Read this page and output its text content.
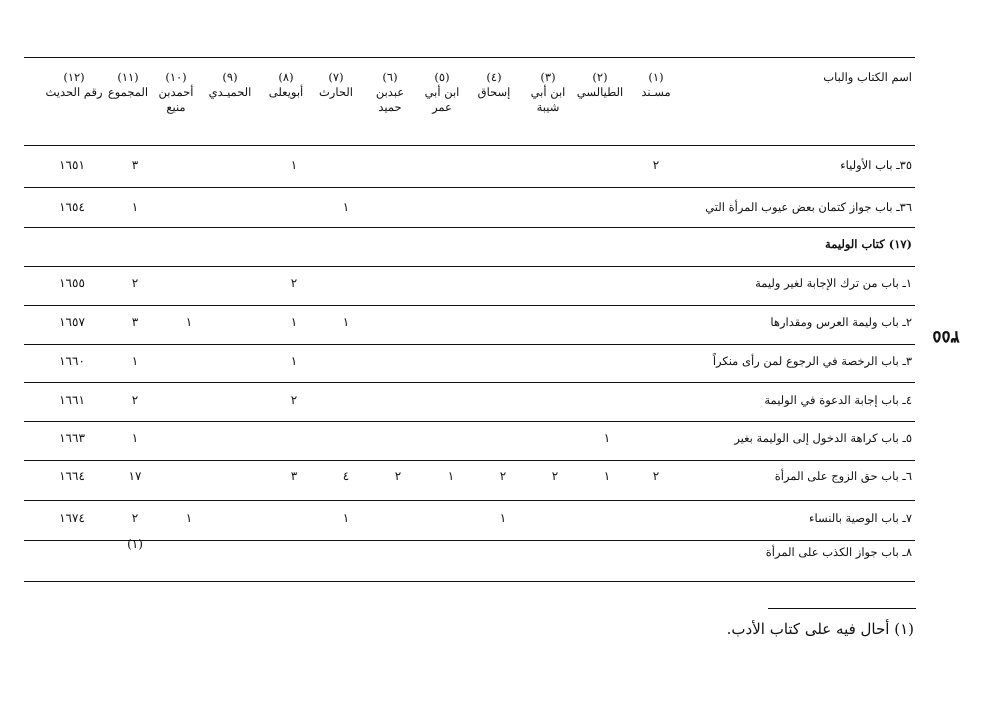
٣٥٥
اسم الكتاب والباب
(١)
مسـند
(٢)
الطيالسي
(٣)
ابن أبي
شيبة
(٤)
إسحاق
(٥)
ابن أبي
عمر
(٦)
عبدبن
حميد
(٧)
الحارث
(٨)
أبويعلى
(٩)
الحميـدي
(١٠)
أحمدبن
منيع
(١١)
المجموع
(١٢)
رقم الحديث
٣٥ـ باب الأولياء
٢
١
٣
١٦٥١
٣٦ـ باب جواز كتمان بعض عيوب المرأة التي
١
١
١٦٥٤
(١٧) كتاب الوليمة
١ـ باب من ترك الإجابة لغير وليمة
٢
٢
١٦٥٥
٢ـ باب وليمة العرس ومقدارها
١
١
١
٣
١٦٥٧
٣ـ باب الرخصة في الرجوع لمن رأى منكراً
١
١
١٦٦٠
٤ـ باب إجابة الدعوة في الوليمة
٢
٢
١٦٦١
٥ـ باب كراهة الدخول إلى الوليمة بغير
١
١
١٦٦٣
٦ـ باب حق الزوج على المرأة
٢
١
٢
٢
١
٢
٤
٣
١٧
١٦٦٤
٧ـ باب الوصية بالنساء
١
١
١
٢
١٦٧٤
٨ـ باب جواز الكذب على المرأة
(١)
(١) أحال فيه على كتاب الأدب.
